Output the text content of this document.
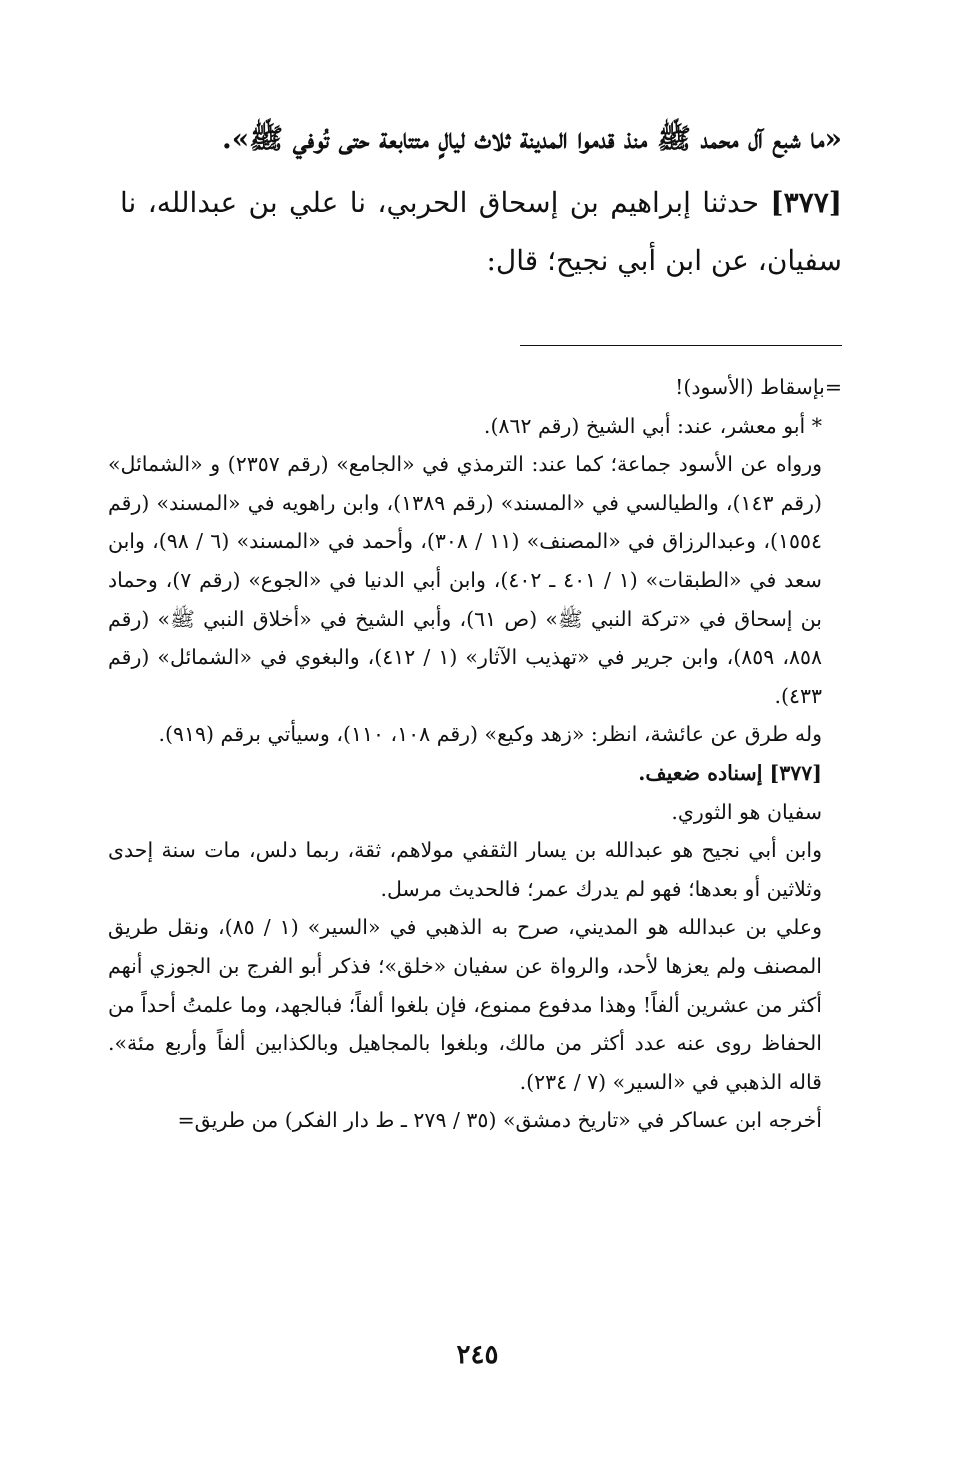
«ما شبع آل محمد ﷺ منذ قدموا المدينة ثلاث ليالٍ متتابعة حتى تُوفي ﷺ».

[٣٧٧] حدثنا إبراهيم بن إسحاق الحربي، نا علي بن عبدالله، نا سفيان، عن ابن أبي نجيح؛ قال:

=بإسقاط (الأسود)!

* أبو معشر، عند: أبي الشيخ (رقم ٨٦٢).

ورواه عن الأسود جماعة؛ كما عند: الترمذي في «الجامع» (رقم ٢٣٥٧) و «الشمائل» (رقم ١٤٣)، والطيالسي في «المسند» (رقم ١٣٨٩)، وابن راهويه في «المسند» (رقم ١٥٥٤)، وعبدالرزاق في «المصنف» (١١ / ٣٠٨)، وأحمد في «المسند» (٦ / ٩٨)، وابن سعد في «الطبقات» (١ / ٤٠١ ـ ٤٠٢)، وابن أبي الدنيا في «الجوع» (رقم ٧)، وحماد بن إسحاق في «تركة النبي ﷺ» (ص ٦١)، وأبي الشيخ في «أخلاق النبي ﷺ» (رقم ٨٥٨، ٨٥٩)، وابن جرير في «تهذيب الآثار» (١ / ٤١٢)، والبغوي في «الشمائل» (رقم ٤٣٣).

وله طرق عن عائشة، انظر: «زهد وكيع» (رقم ١٠٨، ١١٠)، وسيأتي برقم (٩١٩).

[٣٧٧] إسناده ضعيف.

سفيان هو الثوري.

وابن أبي نجيح هو عبدالله بن يسار الثقفي مولاهم، ثقة، ربما دلس، مات سنة إحدى وثلاثين أو بعدها؛ فهو لم يدرك عمر؛ فالحديث مرسل.

وعلي بن عبدالله هو المديني، صرح به الذهبي في «السير» (١ / ٨٥)، ونقل طريق المصنف ولم يعزها لأحد، والرواة عن سفيان «خلق»؛ فذكر أبو الفرج بن الجوزي أنهم أكثر من عشرين ألفاً! وهذا مدفوع ممنوع، فإن بلغوا ألفاً؛ فبالجهد، وما علمتُ أحداً من الحفاظ روى عنه عدد أكثر من مالك، وبلغوا بالمجاهيل وبالكذابين ألفاً وأربع مئة». قاله الذهبي في «السير» (٧ / ٢٣٤).

أخرجه ابن عساكر في «تاريخ دمشق» (٣٥ / ٢٧٩ ـ ط دار الفكر) من طريق=

٢٤٥
